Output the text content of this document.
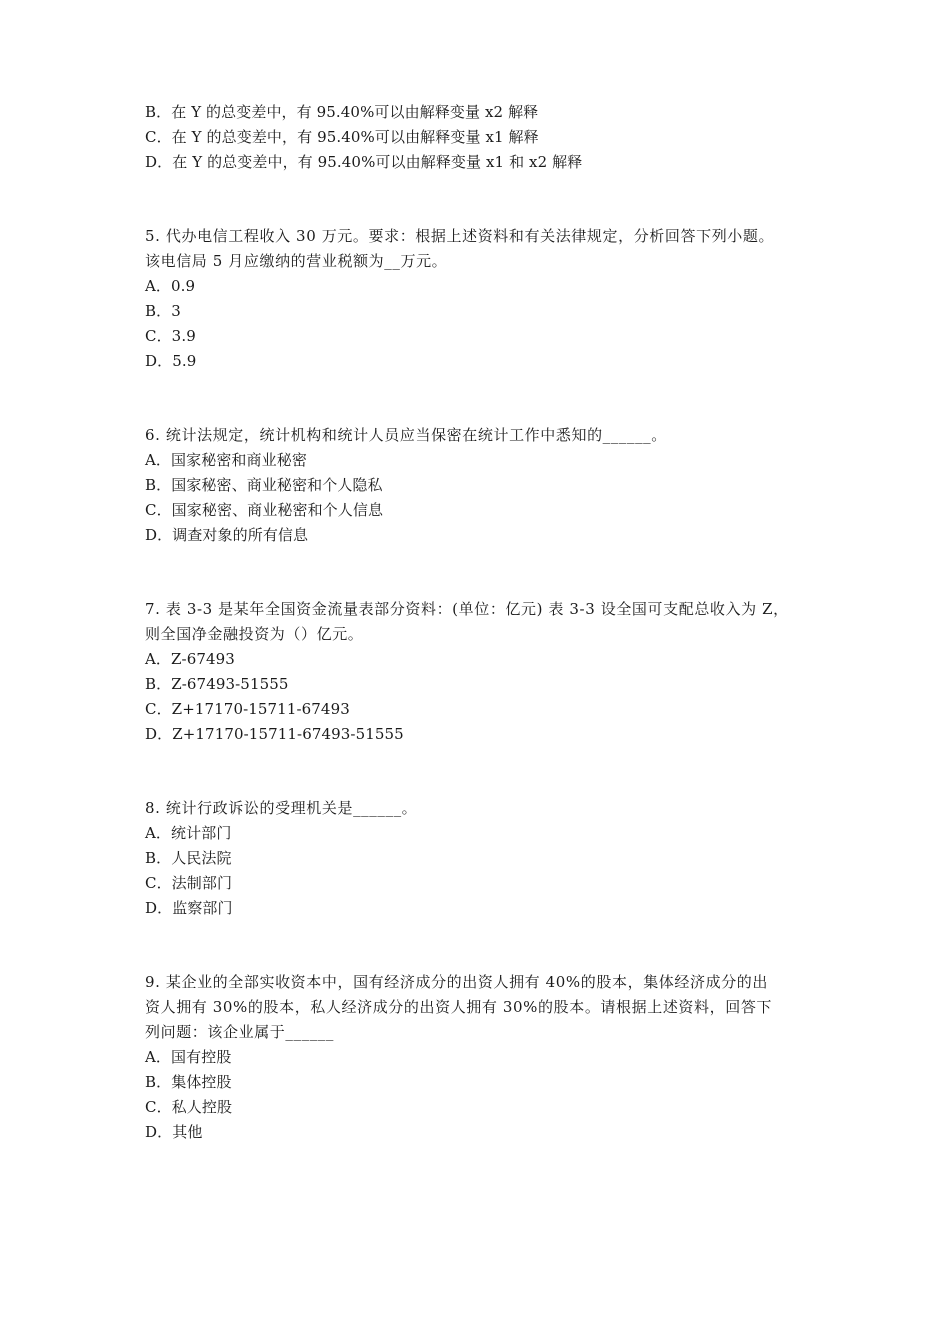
B．在 Y 的总变差中，有 95.40%可以由解释变量 x2 解释
C．在 Y 的总变差中，有 95.40%可以由解释变量 x1 解释
D．在 Y 的总变差中，有 95.40%可以由解释变量 x1 和 x2 解释
5. 代办电信工程收入 30 万元。要求：根据上述资料和有关法律规定，分析回答下列小题。
该电信局 5 月应缴纳的营业税额为__万元。
A．0.9
B．3
C．3.9
D．5.9
6. 统计法规定，统计机构和统计人员应当保密在统计工作中悉知的______。
A．国家秘密和商业秘密
B．国家秘密、商业秘密和个人隐私
C．国家秘密、商业秘密和个人信息
D．调查对象的所有信息
7. 表 3-3 是某年全国资金流量表部分资料：(单位：亿元) 表 3-3 设全国可支配总收入为 Z，
则全国净金融投资为（）亿元。
A．Z-67493
B．Z-67493-51555
C．Z+17170-15711-67493
D．Z+17170-15711-67493-51555
8. 统计行政诉讼的受理机关是______。
A．统计部门
B．人民法院
C．法制部门
D．监察部门
9. 某企业的全部实收资本中，国有经济成分的出资人拥有 40%的股本，集体经济成分的出
资人拥有 30%的股本，私人经济成分的出资人拥有 30%的股本。请根据上述资料，回答下
列问题：该企业属于______
A．国有控股
B．集体控股
C．私人控股
D．其他
